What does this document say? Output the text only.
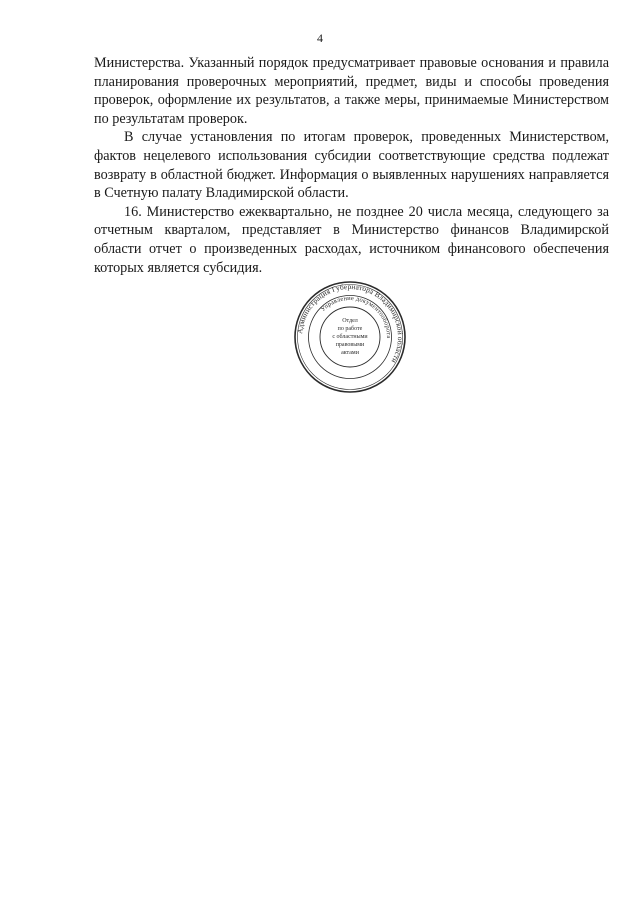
4

Министерства. Указанный порядок предусматривает правовые основания и правила планирования проверочных мероприятий, предмет, виды и способы проведения проверок, оформление их результатов, а также меры, принимаемые Министерством по результатам проверок.

В случае установления по итогам проверок, проведенных Министерством, фактов нецелевого использования субсидии соответствующие средства подлежат возврату в областной бюджет. Информация о выявленных нарушениях направляется в Счетную палату Владимирской области.

16. Министерство ежеквартально, не позднее 20 числа месяца, следующего за отчетным кварталом, представляет в Министерство финансов Владимирской области отчет о произведенных расходах, источником финансового обеспечения которых является субсидия.

Администрация Губернатора Владимирской области
Управление документооборота
Отдел
по работе
с областными
правовыми
актами
